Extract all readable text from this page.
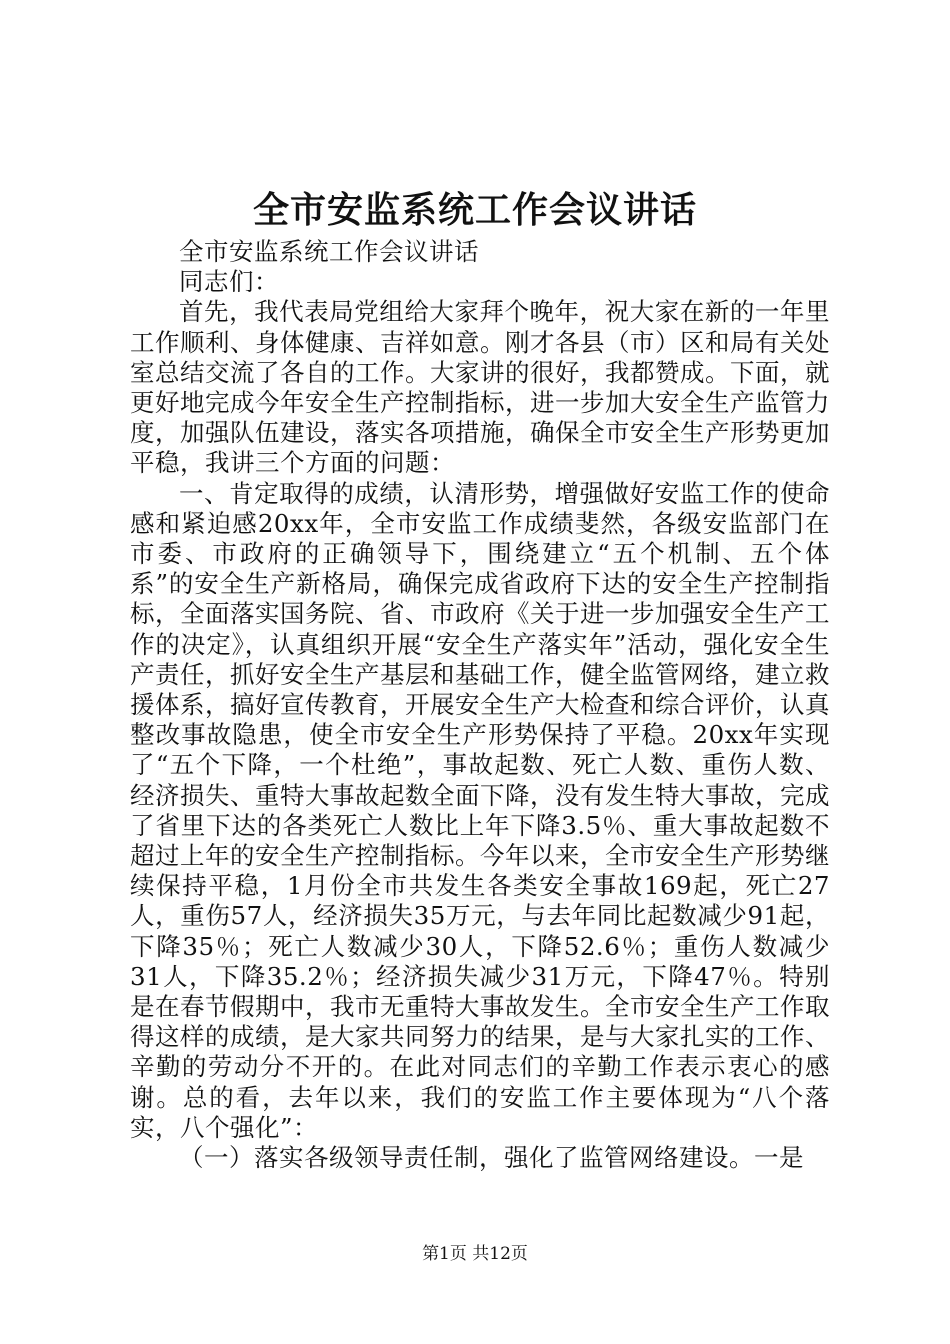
全市安监系统工作会议讲话

全市安监系统工作会议讲话

同志们：

首先，我代表局党组给大家拜个晚年，祝大家在新的一年里工作顺利、身体健康、吉祥如意。刚才各县（市）区和局有关处室总结交流了各自的工作。大家讲的很好，我都赞成。下面，就更好地完成今年安全生产控制指标，进一步加大安全生产监管力度，加强队伍建设，落实各项措施，确保全市安全生产形势更加平稳，我讲三个方面的问题：

一、肯定取得的成绩，认清形势，增强做好安监工作的使命感和紧迫感20xx年，全市安监工作成绩斐然，各级安监部门在市委、市政府的正确领导下，围绕建立“五个机制、五个体系”的安全生产新格局，确保完成省政府下达的安全生产控制指标，全面落实国务院、省、市政府《关于进一步加强安全生产工作的决定》，认真组织开展“安全生产落实年”活动，强化安全生产责任，抓好安全生产基层和基础工作，健全监管网络，建立救援体系，搞好宣传教育，开展安全生产大检查和综合评价，认真整改事故隐患，使全市安全生产形势保持了平稳。20xx年实现了“五个下降，一个杜绝”，事故起数、死亡人数、重伤人数、经济损失、重特大事故起数全面下降，没有发生特大事故，完成了省里下达的各类死亡人数比上年下降3.5％、重大事故起数不超过上年的安全生产控制指标。今年以来，全市安全生产形势继续保持平稳，1月份全市共发生各类安全事故169起，死亡27人，重伤57人，经济损失35万元，与去年同比起数减少91起，下降35％；死亡人数减少30人，下降52.6％；重伤人数减少31人，下降35.2％；经济损失减少31万元，下降47％。特别是在春节假期中，我市无重特大事故发生。全市安全生产工作取得这样的成绩，是大家共同努力的结果，是与大家扎实的工作、辛勤的劳动分不开的。在此对同志们的辛勤工作表示衷心的感谢。总的看，去年以来，我们的安监工作主要体现为“八个落实，八个强化”：

（一）落实各级领导责任制，强化了监管网络建设。一是

第1页 共12页
